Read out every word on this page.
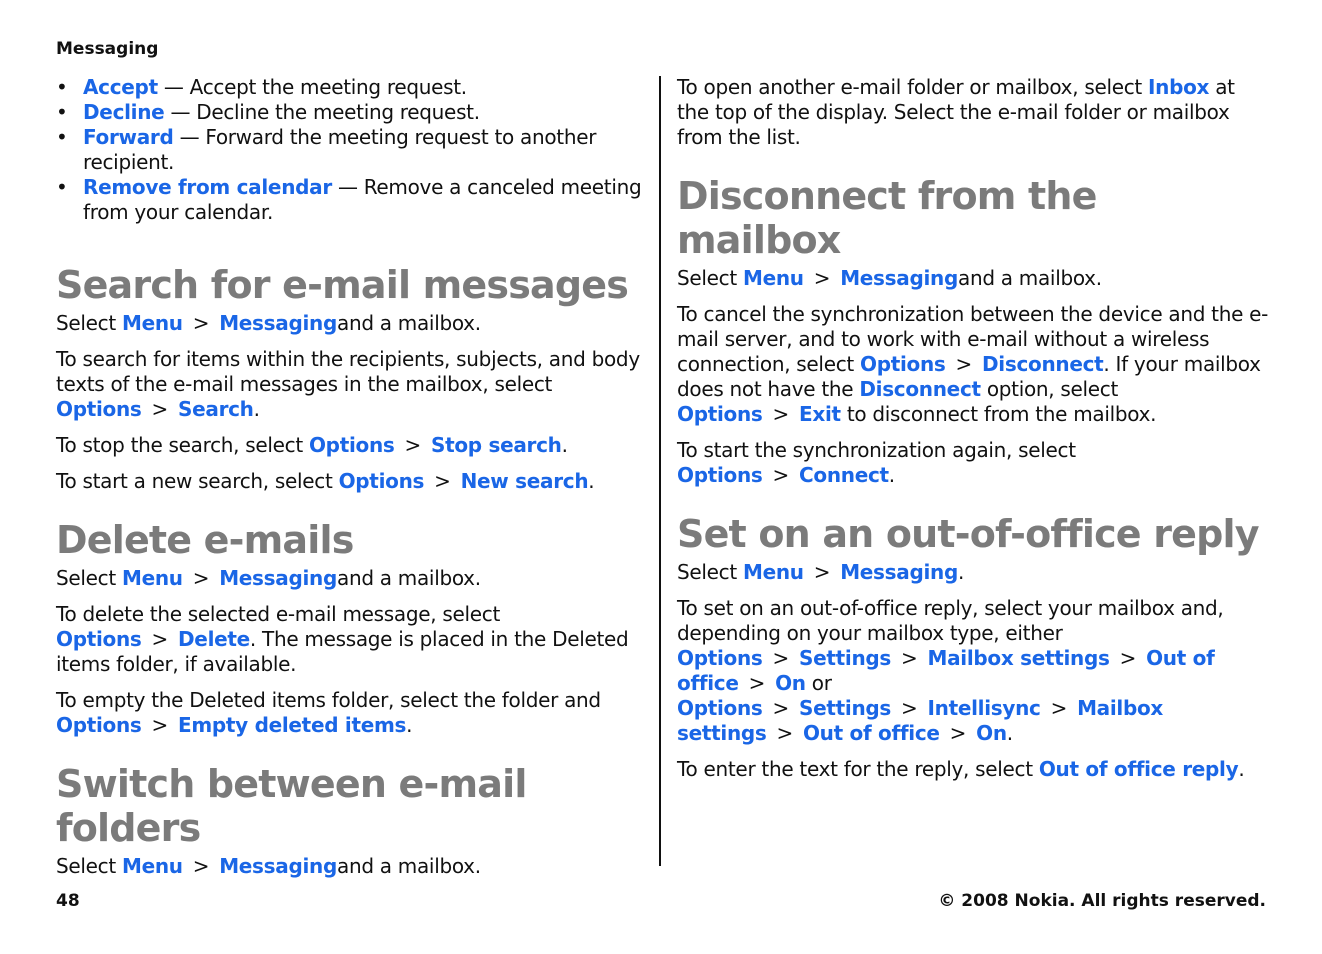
Messaging
• Accept — Accept the meeting request.
• Decline — Decline the meeting request.
• Forward — Forward the meeting request to another recipient.
• Remove from calendar — Remove a canceled meeting from your calendar.
Search for e-mail messages

Select Menu > Messagingand a mailbox.

To search for items within the recipients, subjects, and body texts of the e-mail messages in the mailbox, select Options > Search.

To stop the search, select Options > Stop search.

To start a new search, select Options > New search.

Delete e-mails

Select Menu > Messagingand a mailbox.

To delete the selected e-mail message, select Options > Delete. The message is placed in the Deleted items folder, if available.

To empty the Deleted items folder, select the folder and Options > Empty deleted items.

Switch between e-mail folders

Select Menu > Messagingand a mailbox.

To open another e-mail folder or mailbox, select Inbox at the top of the display. Select the e-mail folder or mailbox from the list.

Disconnect from the mailbox

Select Menu > Messagingand a mailbox.

To cancel the synchronization between the device and the e-mail server, and to work with e-mail without a wireless connection, select Options > Disconnect. If your mailbox does not have the Disconnect option, select Options > Exit to disconnect from the mailbox.

To start the synchronization again, select Options > Connect.

Set on an out-of-office reply

Select Menu > Messaging.

To set on an out-of-office reply, select your mailbox and, depending on your mailbox type, either Options > Settings > Mailbox settings > Out of office > On or Options > Settings > Intellisync > Mailbox settings > Out of office > On.

To enter the text for the reply, select Out of office reply.

48	© 2008 Nokia. All rights reserved.
